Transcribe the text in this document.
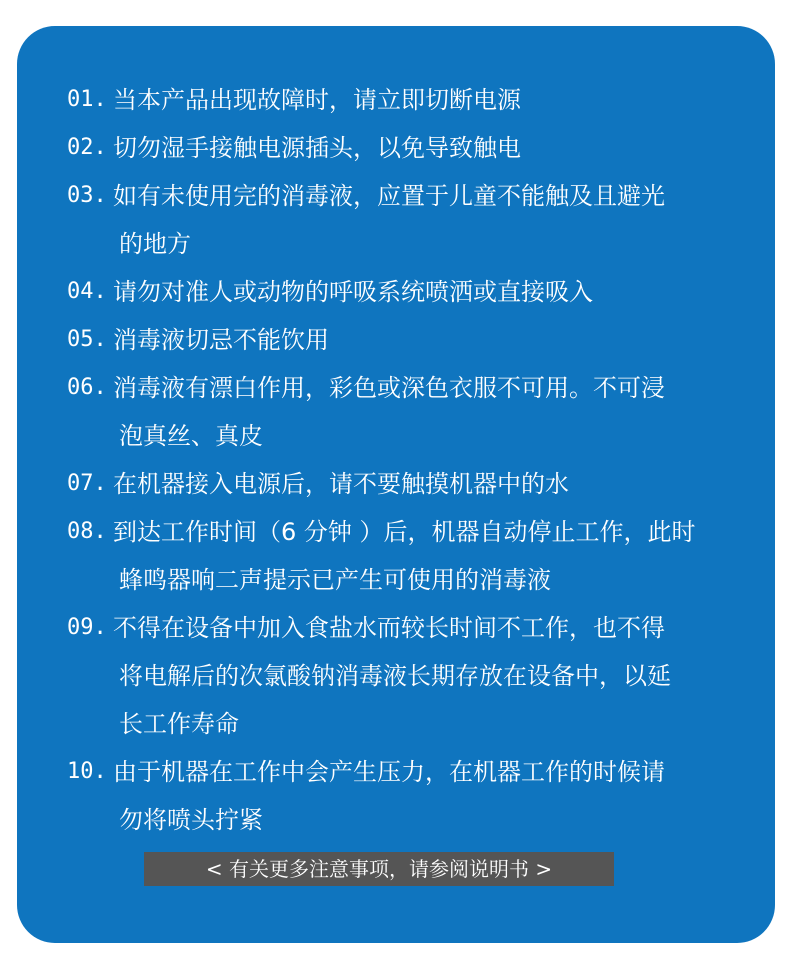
01. 当本产品出现故障时，请立即切断电源
02. 切勿湿手接触电源插头，以免导致触电
03. 如有未使用完的消毒液，应置于儿童不能触及且避光
的地方
04. 请勿对准人或动物的呼吸系统喷洒或直接吸入
05. 消毒液切忌不能饮用
06. 消毒液有漂白作用，彩色或深色衣服不可用。不可浸
泡真丝、真皮
07. 在机器接入电源后，请不要触摸机器中的水
08. 到达工作时间（6 分钟 ）后，机器自动停止工作，此时
蜂鸣器响二声提示已产生可使用的消毒液
09. 不得在设备中加入食盐水而较长时间不工作，也不得
将电解后的次氯酸钠消毒液长期存放在设备中，以延
长工作寿命
10. 由于机器在工作中会产生压力，在机器工作的时候请
勿将喷头拧紧
< 有关更多注意事项，请参阅说明书 >
